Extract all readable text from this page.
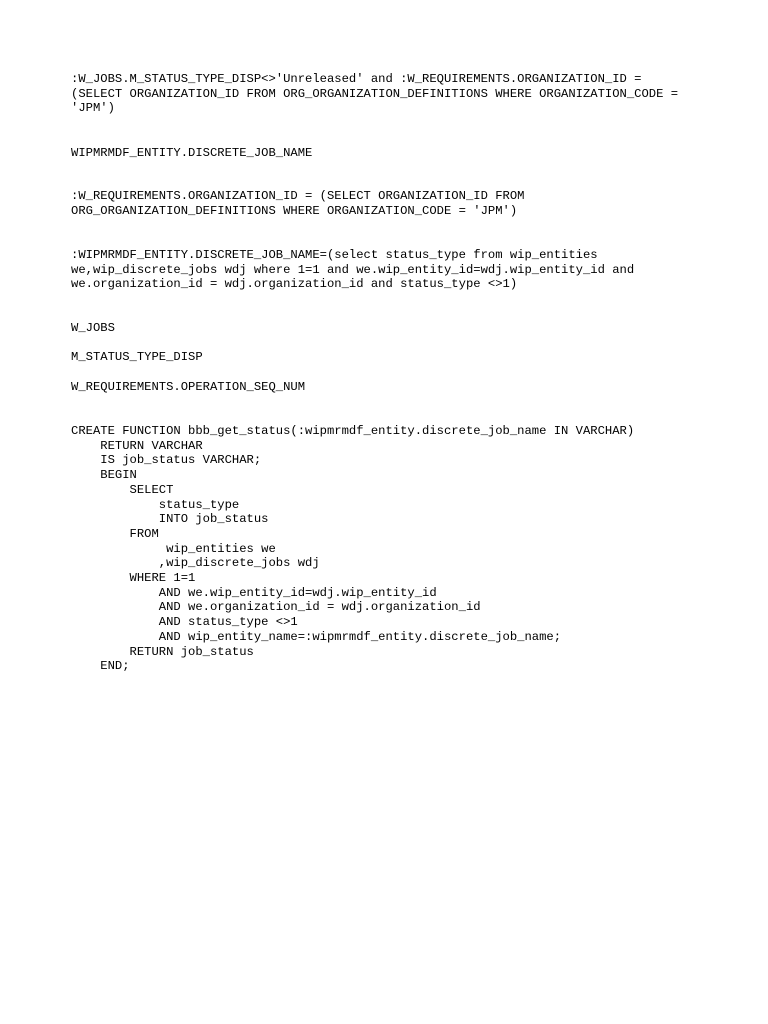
:W_JOBS.M_STATUS_TYPE_DISP<>'Unreleased' and :W_REQUIREMENTS.ORGANIZATION_ID =
(SELECT ORGANIZATION_ID FROM ORG_ORGANIZATION_DEFINITIONS WHERE ORGANIZATION_CODE =
'JPM')
WIPMRMDF_ENTITY.DISCRETE_JOB_NAME
:W_REQUIREMENTS.ORGANIZATION_ID = (SELECT ORGANIZATION_ID FROM
ORG_ORGANIZATION_DEFINITIONS WHERE ORGANIZATION_CODE = 'JPM')
:WIPMRMDF_ENTITY.DISCRETE_JOB_NAME=(select status_type from wip_entities
we,wip_discrete_jobs wdj where 1=1 and we.wip_entity_id=wdj.wip_entity_id and
we.organization_id = wdj.organization_id and status_type <>1)
W_JOBS
M_STATUS_TYPE_DISP
W_REQUIREMENTS.OPERATION_SEQ_NUM
CREATE FUNCTION bbb_get_status(:wipmrmdf_entity.discrete_job_name IN VARCHAR)
RETURN VARCHAR
IS job_status VARCHAR;
BEGIN
SELECT
status_type
INTO job_status
FROM
wip_entities we
,wip_discrete_jobs wdj
WHERE 1=1
AND we.wip_entity_id=wdj.wip_entity_id
AND we.organization_id = wdj.organization_id
AND status_type <>1
AND wip_entity_name=:wipmrmdf_entity.discrete_job_name;
RETURN job_status
END;
